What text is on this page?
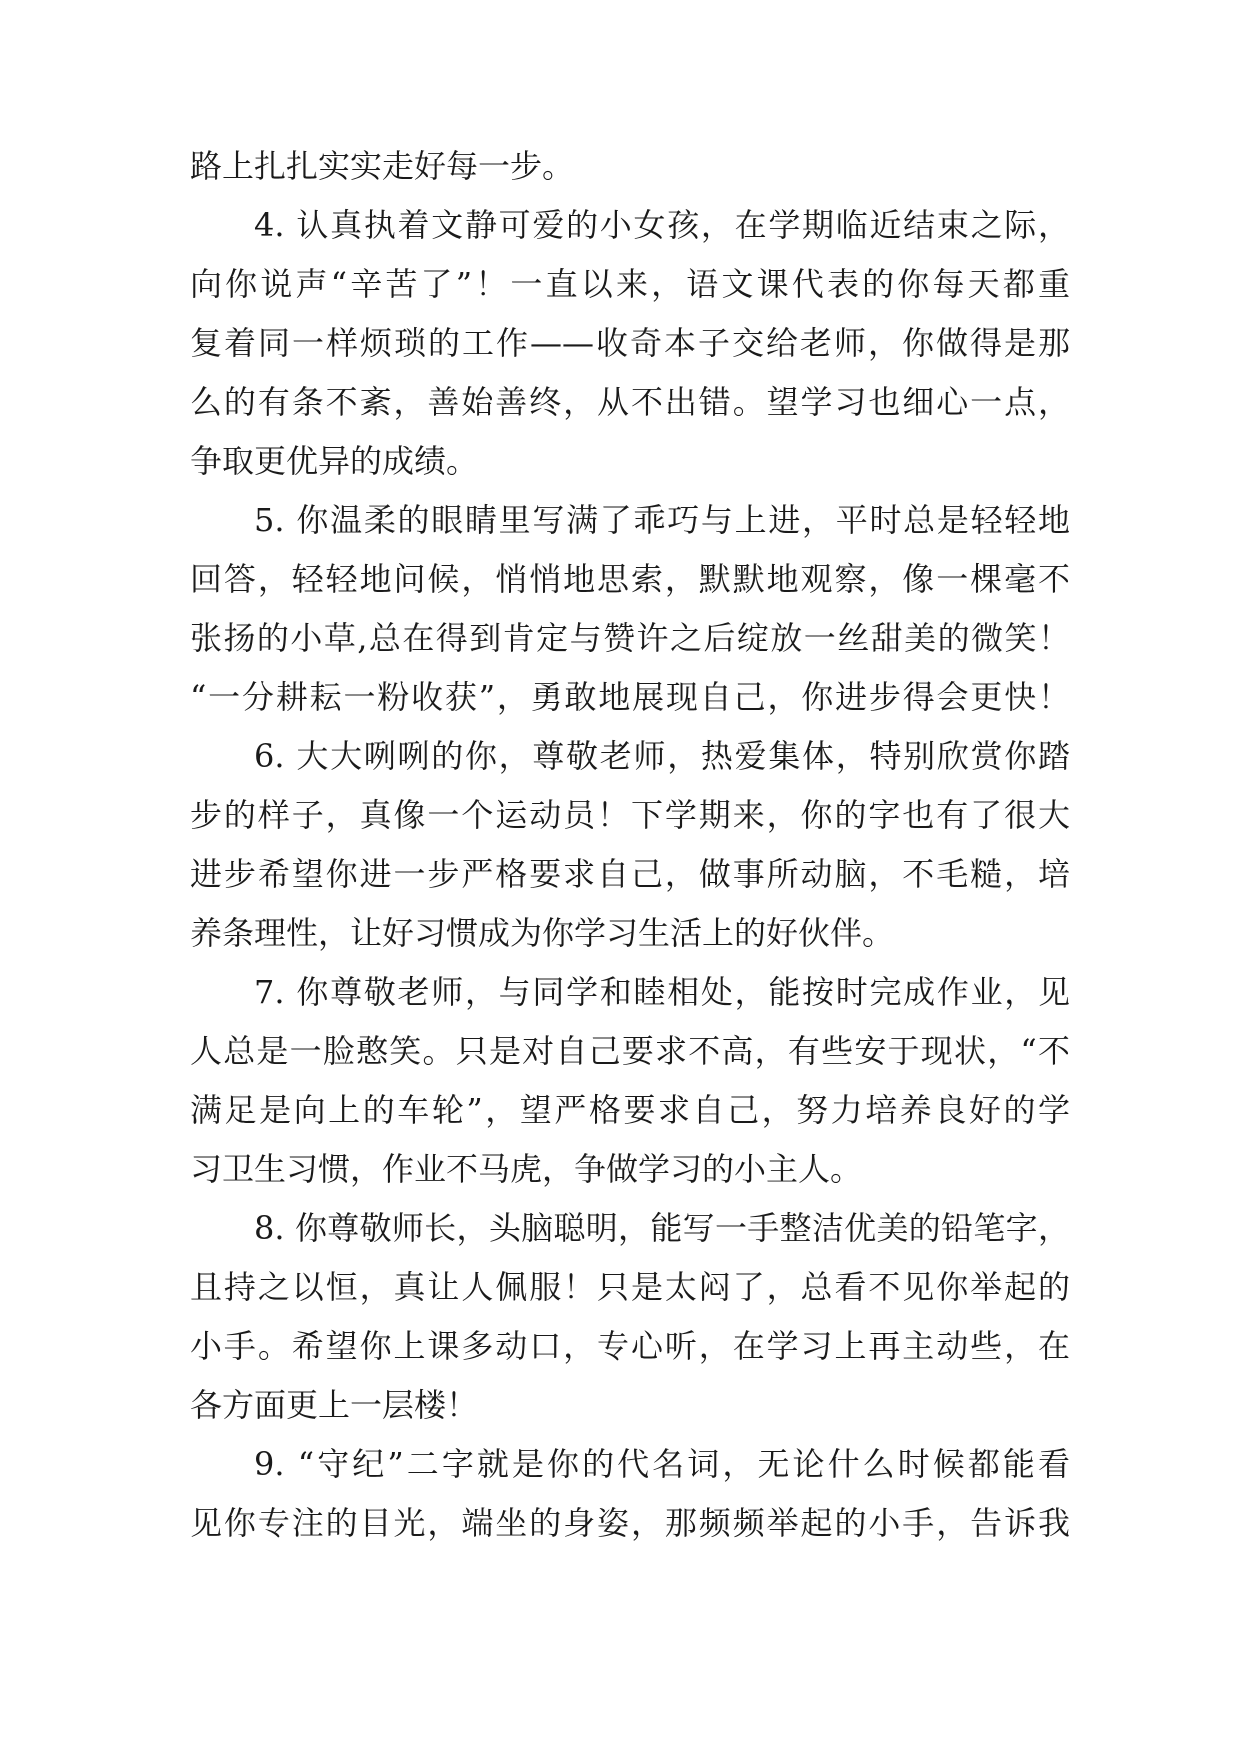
路上扎扎实实走好每一步。
4. 认真执着文静可爱的小女孩，在学期临近结束之际，
向你说声“辛苦了”！一直以来，语文课代表的你每天都重
复着同一样烦琐的工作——收奇本子交给老师，你做得是那
么的有条不紊，善始善终，从不出错。望学习也细心一点，
争取更优异的成绩。
5. 你温柔的眼睛里写满了乖巧与上进，平时总是轻轻地
回答，轻轻地问候，悄悄地思索，默默地观察，像一棵毫不
张扬的小草,总在得到肯定与赞许之后绽放一丝甜美的微笑！
“一分耕耘一粉收获”，勇敢地展现自己，你进步得会更快！
6. 大大咧咧的你，尊敬老师，热爱集体，特别欣赏你踏
步的样子，真像一个运动员！下学期来，你的字也有了很大
进步希望你进一步严格要求自己，做事所动脑，不毛糙，培
养条理性，让好习惯成为你学习生活上的好伙伴。
7. 你尊敬老师，与同学和睦相处，能按时完成作业，见
人总是一脸憨笑。只是对自己要求不高，有些安于现状，“不
满足是向上的车轮”，望严格要求自己，努力培养良好的学
习卫生习惯，作业不马虎，争做学习的小主人。
8. 你尊敬师长，头脑聪明，能写一手整洁优美的铅笔字，
且持之以恒，真让人佩服！只是太闷了，总看不见你举起的
小手。希望你上课多动口，专心听，在学习上再主动些，在
各方面更上一层楼！
9. “守纪”二字就是你的代名词，无论什么时候都能看
见你专注的目光，端坐的身姿，那频频举起的小手，告诉我
